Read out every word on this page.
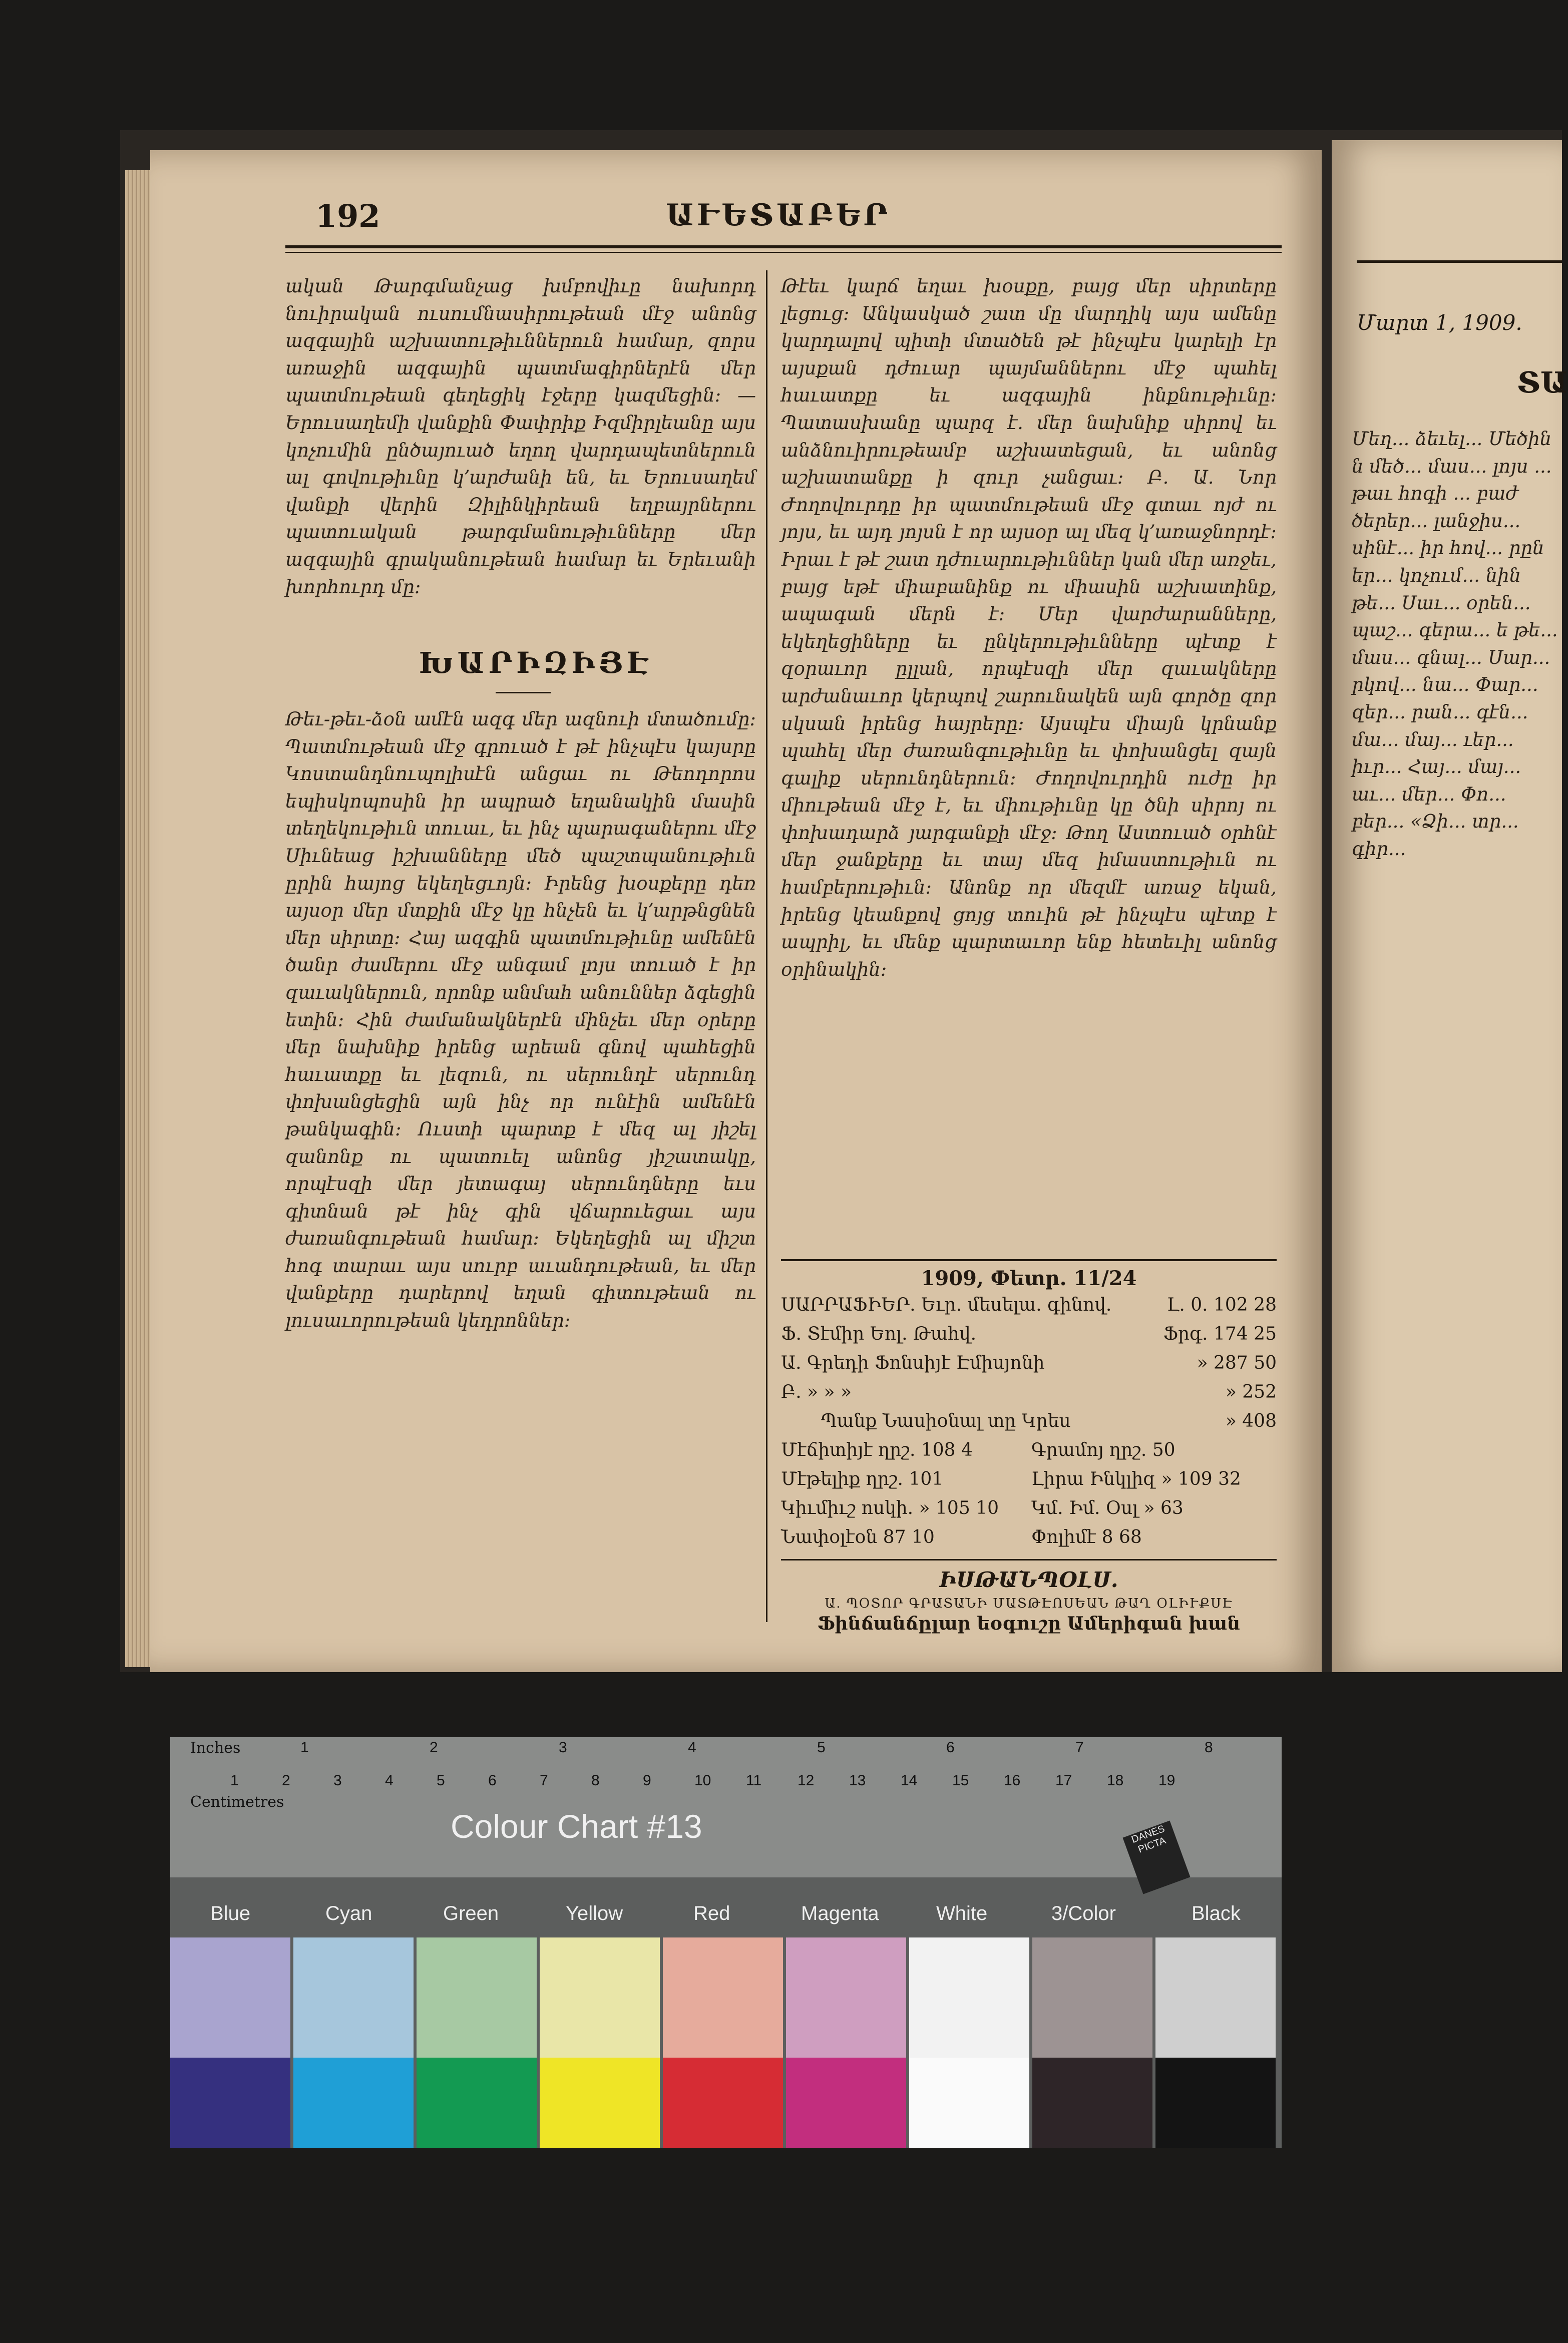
192	ԱՒԵՏԱԲԵՐ

ական Թարգմանչաց խմբովիւը նախորդ նուիրական ուսումնասիրութեան մէջ անոնց ազգային աշխատութիւններուն համար, զորս առաջին ազգային պատմագիրներէն մեր պատմութեան գեղեցիկ էջերը կազմեցին։ — Երուսաղեմի վանքին Փափրիք Իզմիրլեանը այս կոչումին ընծայուած եղող վարդապետներուն ալ գովութիւնը կ՚արժանի են, եւ Երուսաղեմ վանքի վերին Զիլինկիրեան եղբայրներու պատուական թարգմանութիւնները մեր ազգային գրականութեան համար եւ Երեւանի խորհուրդ մը։

ԽԱՐԻԶԻՅԷ

Թեւ-թեւ-ձօն ամէն ազգ մեր ազնուի մտածումը։ Պատմութեան մէջ գրուած է թէ ինչպէս կայսրը Կոստանդնուպոլիսէն անցաւ ու Թեոդորոս եպիսկոպոսին իր ապրած եղանակին մասին տեղեկութիւն տուաւ, եւ ինչ պարագաներու մէջ Սիւնեաց իշխանները մեծ պաշտպանութիւն ըրին հայոց եկեղեցւոյն։ Իրենց խօսքերը դեռ այսօր մեր մտքին մէջ կը հնչեն եւ կ՚արթնցնեն մեր սիրտը։ Հայ ազգին պատմութիւնը ամենէն ծանր ժամերու մէջ անգամ լոյս տուած է իր զաւակներուն, որոնք անմահ անուններ ձգեցին ետին։ Հին ժամանակներէն մինչեւ մեր օրերը մեր նախնիք իրենց արեան գնով պահեցին հաւատքը եւ լեզուն, ու սերունդէ սերունդ փոխանցեցին այն ինչ որ ունէին ամենէն թանկագին։ Ուստի պարտք է մեզ ալ յիշել զանոնք ու պատուել անոնց յիշատակը, որպէսզի մեր յետագայ սերունդները եւս գիտնան թէ ինչ գին վճարուեցաւ այս ժառանգութեան համար։ Եկեղեցին ալ միշտ հոգ տարաւ այս սուրբ աւանդութեան, եւ մեր վանքերը դարերով եղան գիտութեան ու լուսաւորութեան կեդրոններ։

Թէեւ կարճ եղաւ խօսքը, բայց մեր սիրտերը լեցուց։ Անկասկած շատ մը մարդիկ այս ամենը կարդալով պիտի մտածեն թէ ինչպէս կարելի էր այսքան դժուար պայմաններու մէջ պահել հաւատքը եւ ազգային ինքնութիւնը։ Պատասխանը պարզ է. մեր նախնիք սիրով եւ անձնուիրութեամբ աշխատեցան, եւ անոնց աշխատանքը ի զուր չանցաւ։ Բ. Ա. Նոր Ժողովուրդը իր պատմութեան մէջ գտաւ ոյժ ու յոյս, եւ այդ յոյսն է որ այսօր ալ մեզ կ՚առաջնորդէ։ Իրաւ է թէ շատ դժուարութիւններ կան մեր առջեւ, բայց եթէ միաբանինք ու միասին աշխատինք, ապագան մերն է։ Մեր վարժարանները, եկեղեցիները եւ ընկերութիւնները պէտք է զօրաւոր ըլլան, որպէսզի մեր զաւակները արժանաւոր կերպով շարունակեն այն գործը զոր սկսան իրենց հայրերը։ Այսպէս միայն կրնանք պահել մեր ժառանգութիւնը եւ փոխանցել զայն գալիք սերունդներուն։ Ժողովուրդին ուժը իր միութեան մէջ է, եւ միութիւնը կը ծնի սիրոյ ու փոխադարձ յարգանքի մէջ։ Թող Աստուած օրհնէ մեր ջանքերը եւ տայ մեզ իմաստութիւն ու համբերութիւն։ Անոնք որ մեզմէ առաջ եկան, իրենց կեանքով ցոյց տուին թէ ինչպէս պէտք է ապրիլ, եւ մենք պարտաւոր ենք հետեւիլ անոնց օրինակին։

1909, Փետր. 11/24
ՍԱՐՐԱՖԻԵՐ. Եւր. մեսելա. գինով.	Լ. 0. 102 28
Ֆ. Տէմիր Եոլ. Թահվ.	Ֆրգ. 174 25
Ա. Գրեդի Ֆոնսիյէ Էմիսյոնի	» 287 50
Բ. » » »	» 252
Պանք Նասիօնալ տը Կրես	» 408
Մէճիտիյէ ղրշ. 108 4	Գրամոյ ղրշ. 50
Մէթելիք ղրշ. 101	Լիրա Ինկլիզ » 109 32
Կիւմիւշ ոսկի. » 105 10 Կմ. Իմ. Օսլ » 63
Նափօլէօն 87 10	Փոլիմէ 8 68
ԻՍԹԱՆՊՕԼՍ.
Ա. ՊՕՏՈՐ ԳՐԱՏԱՆԻ ՄԱՏԹԷՈՍԵԱՆ ԹԱՂ ՕԼԻՒՔՍԷ
Ֆինճանճըլար եօգուշը Ամերիգան խան
Մարտ 1, 1909.
ՏԱ
Մեղ... ձեւել... Մեծին ն մեծ... մաս... լոյս ... թաւ հոգի ... բաժ ծերեր... լանջիս... սինէ... իր հով... րըն եր... կոչում... նին թե... Սաւ... օրեն... պաշ... գերա... ե թե... մաս... գնալ... Սար... րկով... նա... Փար... զեր... րան... գէն... մա... մայ... ւեր... իւր... Հայ... մայ... աւ... մեր... Փո... բեր... «Ձի... տր... գիր...
Inches
Centimetres
1	2	3	4	5	6	7	8
1	2	3	4	5	6	7	8	9	10 11 12 13 14 15 16 17 18 19
Colour Chart #13	DANES PICTA
Blue	Cyan	Green	Yellow	Red	Magenta	White	3/Color	Black
